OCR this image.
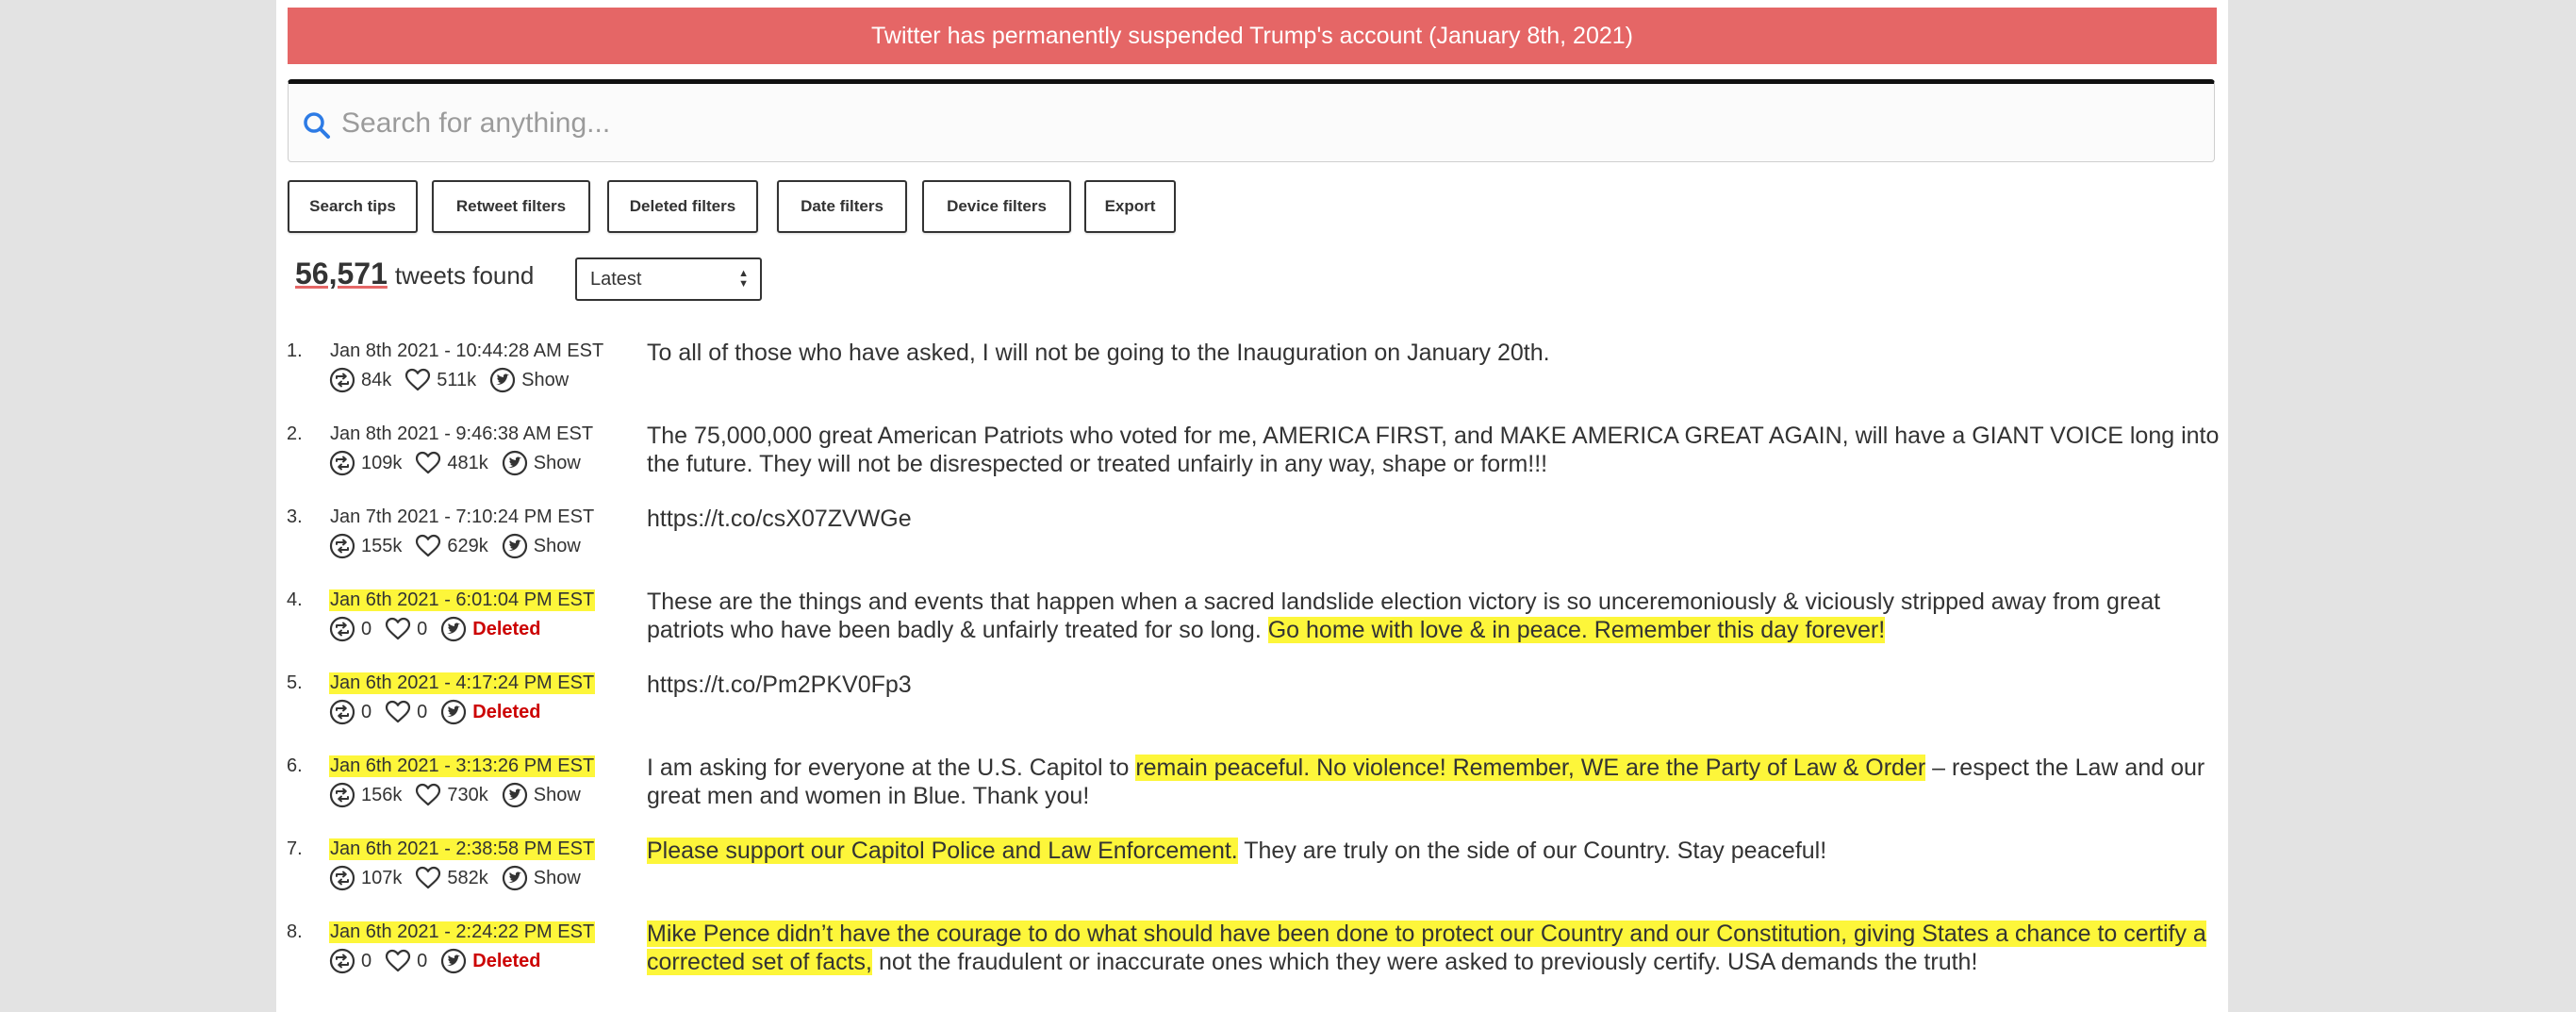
Twitter has permanently suspended Trump's account (January 8th, 2021)
Search for anything...
Search tips	Retweet filters	Deleted filters	Date filters	Device filters	Export
56,571 tweets found	Latest	▲
▼
1. Jan 8th 2021 - 10:44:28 AM EST
84k 511k Show
To all of those who have asked, I will not be going to the Inauguration on January 20th.
2. Jan 8th 2021 - 9:46:38 AM EST
109k 481k Show
The 75,000,000 great American Patriots who voted for me, AMERICA FIRST, and MAKE AMERICA GREAT AGAIN, will have a GIANT VOICE long into the future. They will not be disrespected or treated unfairly in any way, shape or form!!!
3. Jan 7th 2021 - 7:10:24 PM EST
155k 629k Show
https://t.co/csX07ZVWGe
4. Jan 6th 2021 - 6:01:04 PM EST
0 0 Deleted
These are the things and events that happen when a sacred landslide election victory is so unceremoniously & viciously stripped away from great patriots who have been badly & unfairly treated for so long. Go home with love & in peace. Remember this day forever!
5. Jan 6th 2021 - 4:17:24 PM EST
0 0 Deleted
https://t.co/Pm2PKV0Fp3
6. Jan 6th 2021 - 3:13:26 PM EST
156k 730k Show
I am asking for everyone at the U.S. Capitol to remain peaceful. No violence! Remember, WE are the Party of Law & Order – respect the Law and our great men and women in Blue. Thank you!
7. Jan 6th 2021 - 2:38:58 PM EST
107k 582k Show
Please support our Capitol Police and Law Enforcement. They are truly on the side of our Country. Stay peaceful!
8. Jan 6th 2021 - 2:24:22 PM EST
0 0 Deleted
Mike Pence didn’t have the courage to do what should have been done to protect our Country and our Constitution, giving States a chance to certify a corrected set of facts, not the fraudulent or inaccurate ones which they were asked to previously certify. USA demands the truth!
